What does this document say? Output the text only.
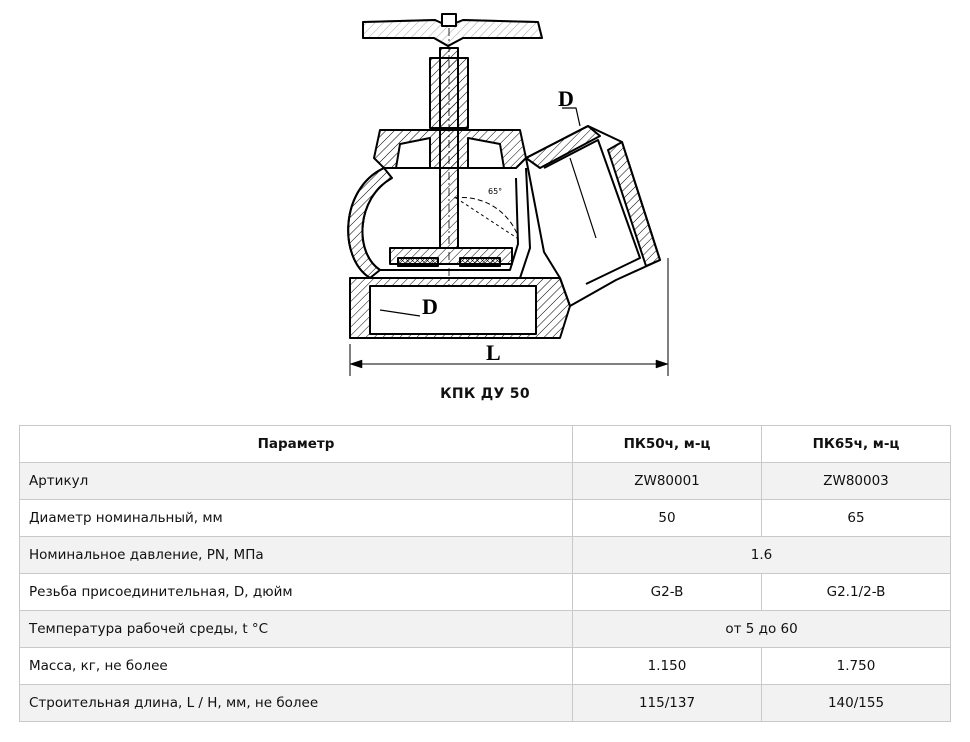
D
D
L
65°
КПК ДУ 50
Параметр	ПК50ч, м-ц	ПК65ч, м-ц
Артикул	ZW80001	ZW80003
Диаметр номинальный, мм	50	65
Номинальное давление, PN, МПа	1.6	
Резьба присоединительная, D, дюйм	G2-B	G2.1/2-B
Температура рабочей среды, t °C	от 5 до 60	
Масса, кг, не более	1.150	1.750
Строительная длина, L / H, мм, не более	115/137	140/155
